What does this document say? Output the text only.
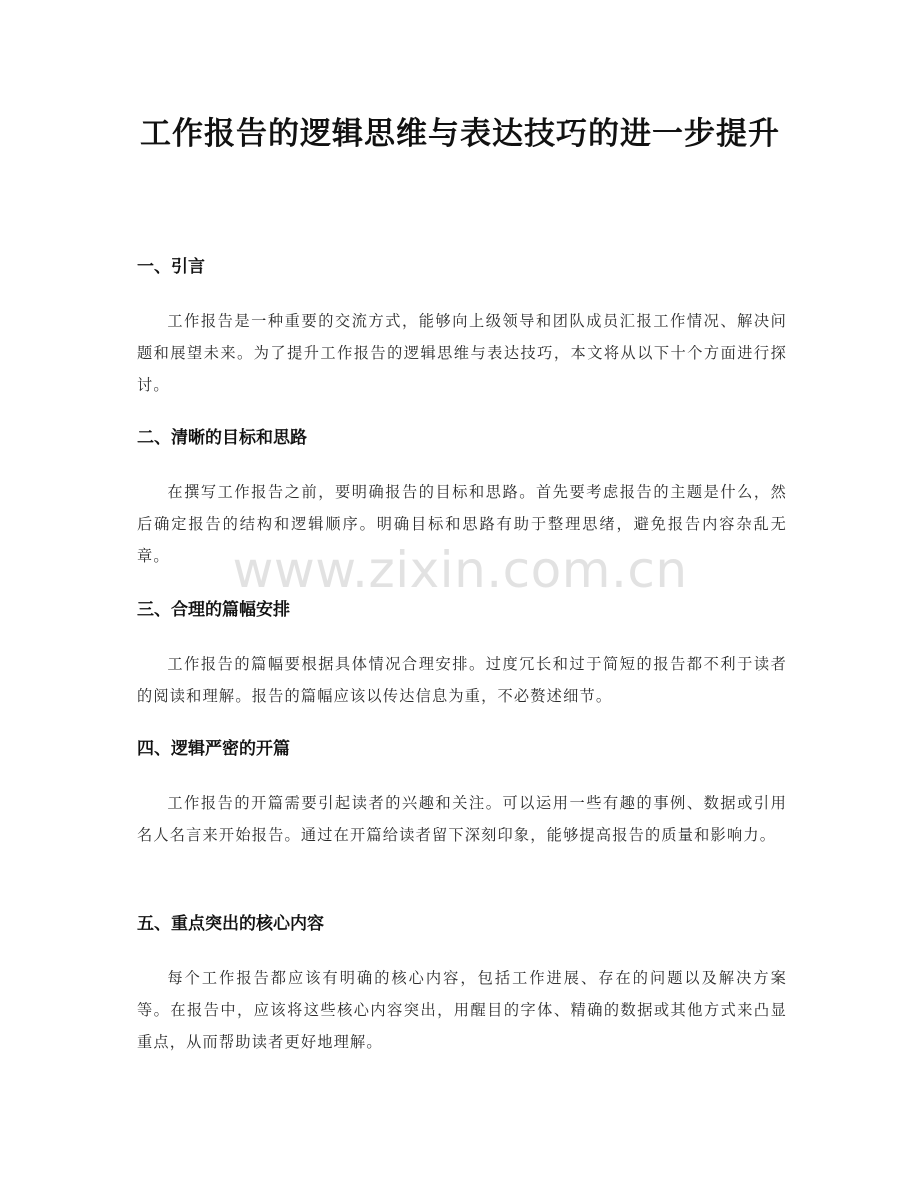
工作报告的逻辑思维与表达技巧的进一步提升
一、引言

工作报告是一种重要的交流方式，能够向上级领导和团队成员汇报工作情况、解决问题和展望未来。为了提升工作报告的逻辑思维与表达技巧，本文将从以下十个方面进行探讨。

二、清晰的目标和思路

在撰写工作报告之前，要明确报告的目标和思路。首先要考虑报告的主题是什么，然后确定报告的结构和逻辑顺序。明确目标和思路有助于整理思绪，避免报告内容杂乱无章。

三、合理的篇幅安排

工作报告的篇幅要根据具体情况合理安排。过度冗长和过于简短的报告都不利于读者的阅读和理解。报告的篇幅应该以传达信息为重，不必赘述细节。

四、逻辑严密的开篇

工作报告的开篇需要引起读者的兴趣和关注。可以运用一些有趣的事例、数据或引用名人名言来开始报告。通过在开篇给读者留下深刻印象，能够提高报告的质量和影响力。

五、重点突出的核心内容

每个工作报告都应该有明确的核心内容，包括工作进展、存在的问题以及解决方案等。在报告中，应该将这些核心内容突出，用醒目的字体、精确的数据或其他方式来凸显重点，从而帮助读者更好地理解。

www.zixin.com.cn
